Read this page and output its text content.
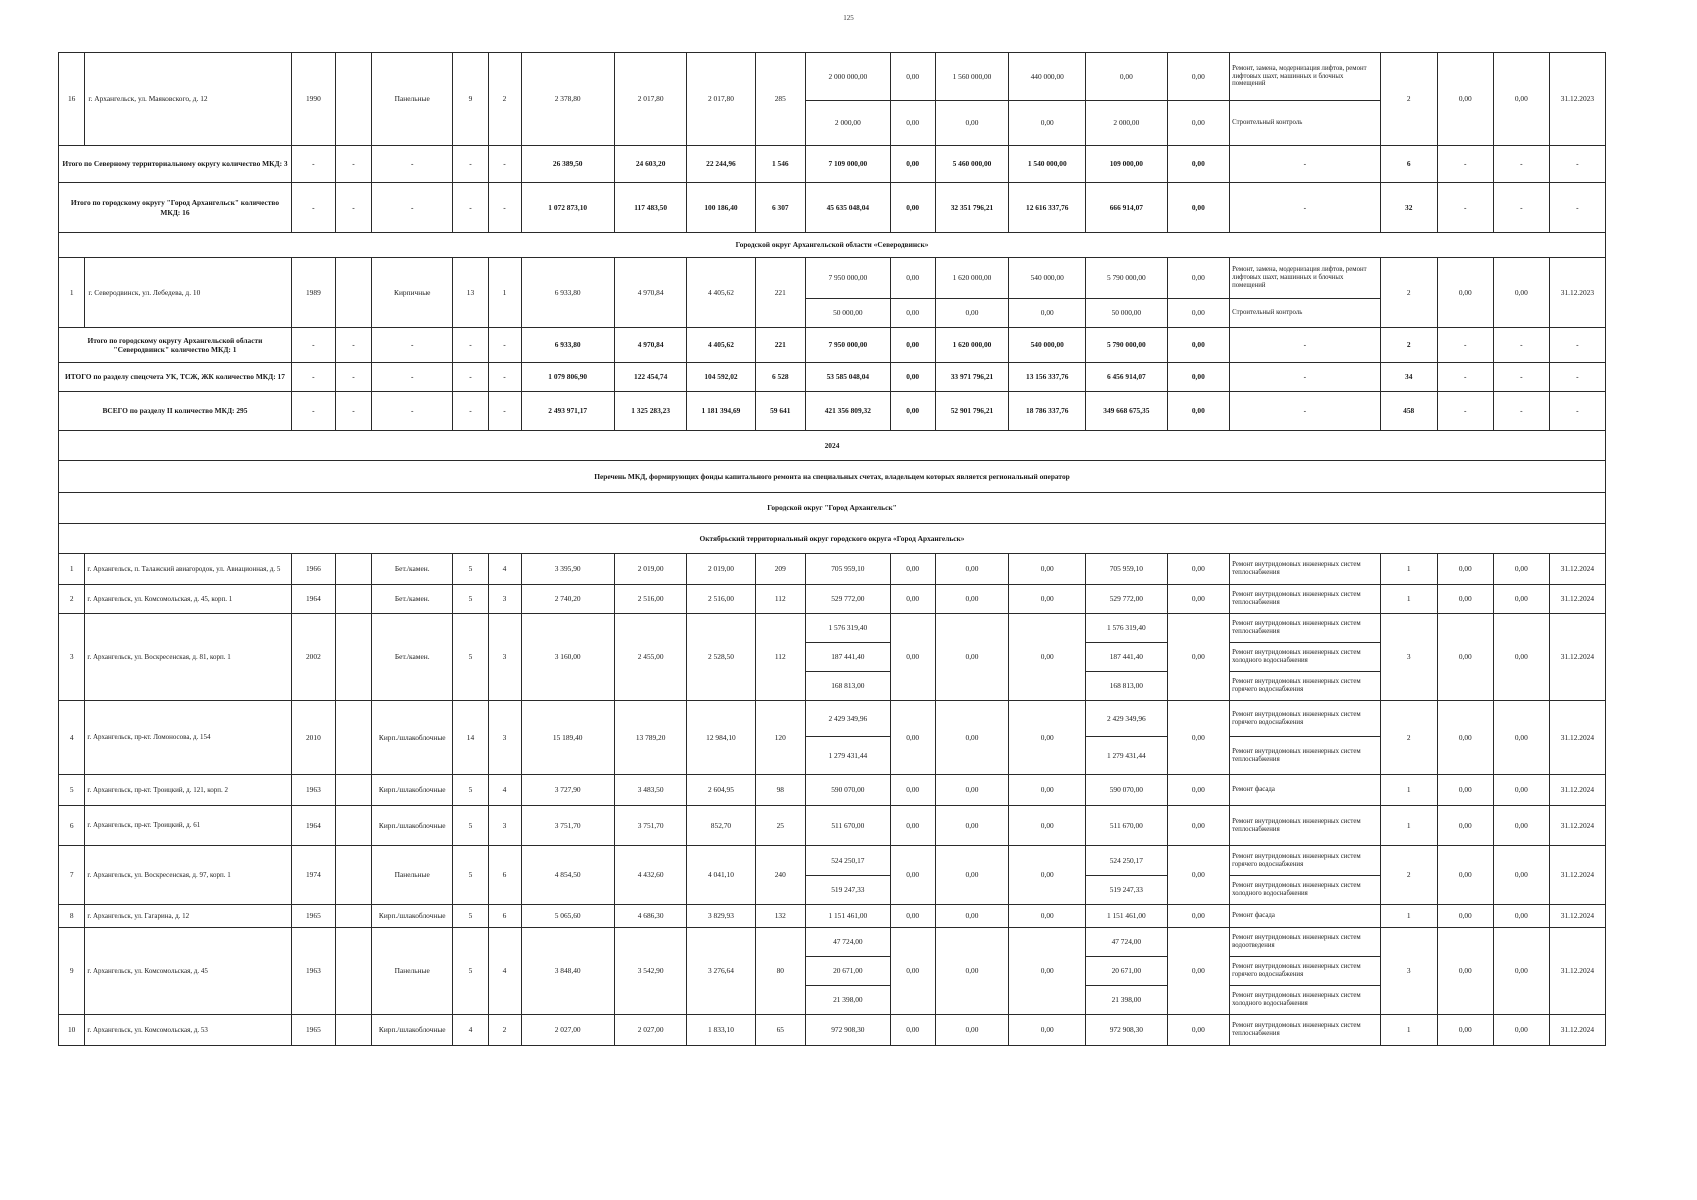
125
16	г. Архангельск, ул. Маяковского, д. 12	1990		Панельные	9	2	2 378,80	2 017,80	2 017,80	285	2 000 000,00	0,00	1 560 000,00	440 000,00	0,00	0,00	Ремонт, замена, модернизация лифтов, ремонт лифтовых шахт, машинных и блочных помещений	2	0,00	0,00	31.12.2023
											2 000,00	0,00	0,00	0,00	2 000,00	0,00	Строительный контроль				
Итого по Северному территориальному округу количество МКД: 3		-	-	-	-	-	26 389,50	24 603,20	22 244,96	1 546	7 109 000,00	0,00	5 460 000,00	1 540 000,00	109 000,00	0,00	-	6	-	-	-
Итого по городскому округу "Город Архангельск" количество МКД: 16		-	-	-	-	-	1 072 873,10	117 483,50	100 186,40	6 307	45 635 048,04	0,00	32 351 796,21	12 616 337,76	666 914,07	0,00	-	32	-	-	-
Городской округ Архангельской области «Северодвинск»																					
1	г. Северодвинск, ул. Лебедева, д. 10	1989		Кирпичные	13	1	6 933,80	4 970,84	4 405,62	221	7 950 000,00	0,00	1 620 000,00	540 000,00	5 790 000,00	0,00	Ремонт, замена, модернизация лифтов, ремонт лифтовых шахт, машинных и блочных помещений	2	0,00	0,00	31.12.2023
											50 000,00	0,00	0,00	0,00	50 000,00	0,00	Строительный контроль				
Итого по городскому округу Архангельской области "Северодвинск" количество МКД: 1		-	-	-	-	-	6 933,80	4 970,84	4 405,62	221	7 950 000,00	0,00	1 620 000,00	540 000,00	5 790 000,00	0,00	-	2	-	-	-
ИТОГО по разделу спецсчета УК, ТСЖ, ЖК количество МКД: 17		-	-	-	-	-	1 079 806,90	122 454,74	104 592,02	6 528	53 585 048,04	0,00	33 971 796,21	13 156 337,76	6 456 914,07	0,00	-	34	-	-	-
ВСЕГО по разделу II количество МКД: 295		-	-	-	-	-	2 493 971,17	1 325 283,23	1 181 394,69	59 641	421 356 809,32	0,00	52 901 796,21	18 786 337,76	349 668 675,35	0,00	-	458	-	-	-
2024																					
Перечень МКД, формирующих фонды капитального ремонта на специальных счетах, владельцем которых является региональный оператор																					
Городской округ "Город Архангельск"																					
Октябрьский территориальный округ городского округа «Город Архангельск»																					
1	г. Архангельск, п. Талажский авиагородок, ул. Авиационная, д. 5	1966		Бет./камен.	5	4	3 395,90	2 019,00	2 019,00	209	705 959,10	0,00	0,00	0,00	705 959,10	0,00	Ремонт внутридомовых инженерных систем теплоснабжения	1	0,00	0,00	31.12.2024
2	г. Архангельск, ул. Комсомольская, д. 45, корп. 1	1964		Бет./камен.	5	3	2 740,20	2 516,00	2 516,00	112	529 772,00	0,00	0,00	0,00	529 772,00	0,00	Ремонт внутридомовых инженерных систем теплоснабжения	1	0,00	0,00	31.12.2024
3	г. Архангельск, ул. Воскресенская, д. 81, корп. 1	2002		Бет./камен.	5	3	3 160,00	2 455,00	2 528,50	112	1 576 319,40	0,00	0,00	0,00	1 576 319,40	0,00	Ремонт внутридомовых инженерных систем теплоснабжения	3	0,00	0,00	31.12.2024
											187 441,40				187 441,40		Ремонт внутридомовых инженерных систем холодного водоснабжения				
											168 813,00				168 813,00		Ремонт внутридомовых инженерных систем горячего водоснабжения				
4	г. Архангельск, пр-кт. Ломоносова, д. 154	2010		Кирп./шлакоблочные	14	3	15 189,40	13 789,20	12 984,10	120	2 429 349,96	0,00	0,00	0,00	2 429 349,96	0,00	Ремонт внутридомовых инженерных систем горячего водоснабжения	2	0,00	0,00	31.12.2024
											1 279 431,44				1 279 431,44		Ремонт внутридомовых инженерных систем теплоснабжения				
5	г. Архангельск, пр-кт. Троицкий, д. 121, корп. 2	1963		Кирп./шлакоблочные	5	4	3 727,90	3 483,50	2 604,95	98	590 070,00	0,00	0,00	0,00	590 070,00	0,00	Ремонт фасада	1	0,00	0,00	31.12.2024
6	г. Архангельск, пр-кт. Троицкий, д. 61	1964		Кирп./шлакоблочные	5	3	3 751,70	3 751,70	852,70	25	511 670,00	0,00	0,00	0,00	511 670,00	0,00	Ремонт внутридомовых инженерных систем теплоснабжения	1	0,00	0,00	31.12.2024
7	г. Архангельск, ул. Воскресенская, д. 97, корп. 1	1974		Панельные	5	6	4 854,50	4 432,60	4 041,10	240	524 250,17	0,00	0,00	0,00	524 250,17	0,00	Ремонт внутридомовых инженерных систем горячего водоснабжения	2	0,00	0,00	31.12.2024
											519 247,33				519 247,33		Ремонт внутридомовых инженерных систем холодного водоснабжения				
8	г. Архангельск, ул. Гагарина, д. 12	1965		Кирп./шлакоблочные	5	6	5 065,60	4 686,30	3 829,93	132	1 151 461,00	0,00	0,00	0,00	1 151 461,00	0,00	Ремонт фасада	1	0,00	0,00	31.12.2024
9	г. Архангельск, ул. Комсомольская, д. 45	1963		Панельные	5	4	3 848,40	3 542,90	3 276,64	80	47 724,00	0,00	0,00	0,00	47 724,00	0,00	Ремонт внутридомовых инженерных систем водоотведения	3	0,00	0,00	31.12.2024
											20 671,00				20 671,00		Ремонт внутридомовых инженерных систем горячего водоснабжения				
											21 398,00				21 398,00		Ремонт внутридомовых инженерных систем холодного водоснабжения				
10	г. Архангельск, ул. Комсомольская, д. 53	1965		Кирп./шлакоблочные	4	2	2 027,00	2 027,00	1 833,10	65	972 908,30	0,00	0,00	0,00	972 908,30	0,00	Ремонт внутридомовых инженерных систем теплоснабжения	1	0,00	0,00	31.12.2024
